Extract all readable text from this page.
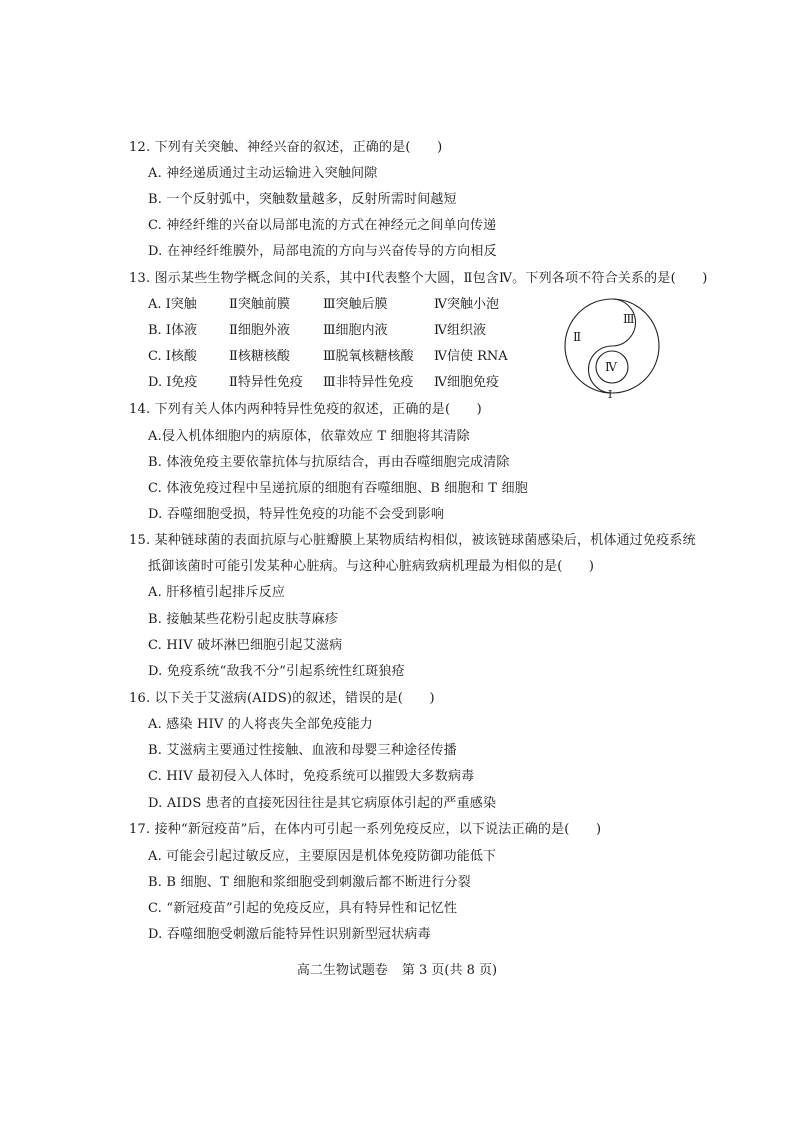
12. 下列有关突触、神经兴奋的叙述，正确的是(　　)
A. 神经递质通过主动运输进入突触间隙
B. 一个反射弧中，突触数量越多，反射所需时间越短
C. 神经纤维的兴奋以局部电流的方式在神经元之间单向传递
D. 在神经纤维膜外，局部电流的方向与兴奋传导的方向相反
13. 图示某些生物学概念间的关系，其中Ⅰ代表整个大圆，Ⅱ包含Ⅳ。下列各项不符合关系的是(　　)
A. Ⅰ突触 Ⅱ突触前膜	Ⅲ突触后膜	Ⅳ突触小泡
B. Ⅰ体液 Ⅱ细胞外液	Ⅲ细胞内液	Ⅳ组织液
C. Ⅰ核酸 Ⅱ核糖核酸	Ⅲ脱氧核糖核酸 Ⅳ信使 RNA
D. Ⅰ免疫 Ⅱ特异性免疫 Ⅲ非特异性免疫 Ⅳ细胞免疫
Ⅲ
Ⅱ
Ⅳ
Ⅰ
14. 下列有关人体内两种特异性免疫的叙述，正确的是(　　)
A.侵入机体细胞内的病原体，依靠效应 T 细胞将其清除
B. 体液免疫主要依靠抗体与抗原结合，再由吞噬细胞完成清除
C. 体液免疫过程中呈递抗原的细胞有吞噬细胞、B 细胞和 T 细胞
D. 吞噬细胞受损，特异性免疫的功能不会受到影响
15. 某种链球菌的表面抗原与心脏瓣膜上某物质结构相似，被该链球菌感染后，机体通过免疫系统
抵御该菌时可能引发某种心脏病。与这种心脏病致病机理最为相似的是(　　)
A. 肝移植引起排斥反应
B. 接触某些花粉引起皮肤荨麻疹
C. HIV 破坏淋巴细胞引起艾滋病
D. 免疫系统“敌我不分”引起系统性红斑狼疮
16. 以下关于艾滋病(AIDS)的叙述，错误的是(　　)
A. 感染 HIV 的人将丧失全部免疫能力
B. 艾滋病主要通过性接触、血液和母婴三种途径传播
C. HIV 最初侵入人体时，免疫系统可以摧毁大多数病毒
D. AIDS 患者的直接死因往往是其它病原体引起的严重感染
17. 接种“新冠疫苗”后，在体内可引起一系列免疫反应，以下说法正确的是(　　)
A. 可能会引起过敏反应，主要原因是机体免疫防御功能低下
B. B 细胞、T 细胞和浆细胞受到刺激后都不断进行分裂
C. “新冠疫苗”引起的免疫反应，具有特异性和记忆性
D. 吞噬细胞受刺激后能特异性识别新型冠状病毒
高二生物试题卷 第 3 页(共 8 页)
